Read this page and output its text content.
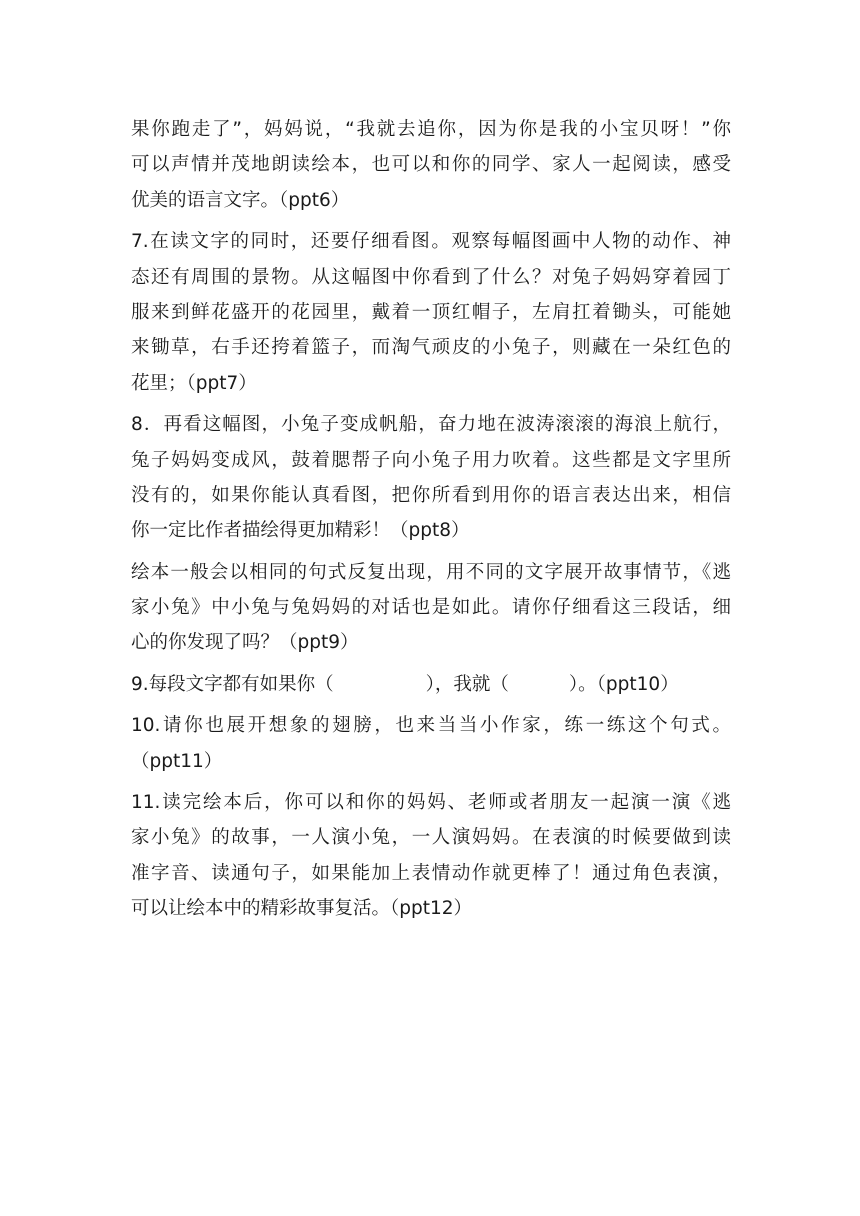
果你跑走了”，妈妈说，“我就去追你，因为你是我的小宝贝呀！”你
可以声情并茂地朗读绘本，也可以和你的同学、家人一起阅读，感受
优美的语言文字。（ppt6）
7.在读文字的同时，还要仔细看图。观察每幅图画中人物的动作、神
态还有周围的景物。从这幅图中你看到了什么？对兔子妈妈穿着园丁
服来到鲜花盛开的花园里，戴着一顶红帽子，左肩扛着锄头，可能她
来锄草，右手还挎着篮子，而淘气顽皮的小兔子，则藏在一朵红色的
花里；（ppt7）
8．再看这幅图，小兔子变成帆船，奋力地在波涛滚滚的海浪上航行，
兔子妈妈变成风，鼓着腮帮子向小兔子用力吹着。这些都是文字里所
没有的，如果你能认真看图，把你所看到用你的语言表达出来，相信
你一定比作者描绘得更加精彩！（ppt8）
绘本一般会以相同的句式反复出现，用不同的文字展开故事情节，《逃
家小兔》中小兔与兔妈妈的对话也是如此。请你仔细看这三段话，细
心的你发现了吗？（ppt9）
9.每段文字都有如果你（	），我就（	）。（ppt10）
10.请你也展开想象的翅膀，也来当当小作家，练一练这个句式。
（ppt11）
11.读完绘本后，你可以和你的妈妈、老师或者朋友一起演一演《逃
家小兔》的故事，一人演小兔，一人演妈妈。在表演的时候要做到读
准字音、读通句子，如果能加上表情动作就更棒了！通过角色表演，
可以让绘本中的精彩故事复活。（ppt12）
